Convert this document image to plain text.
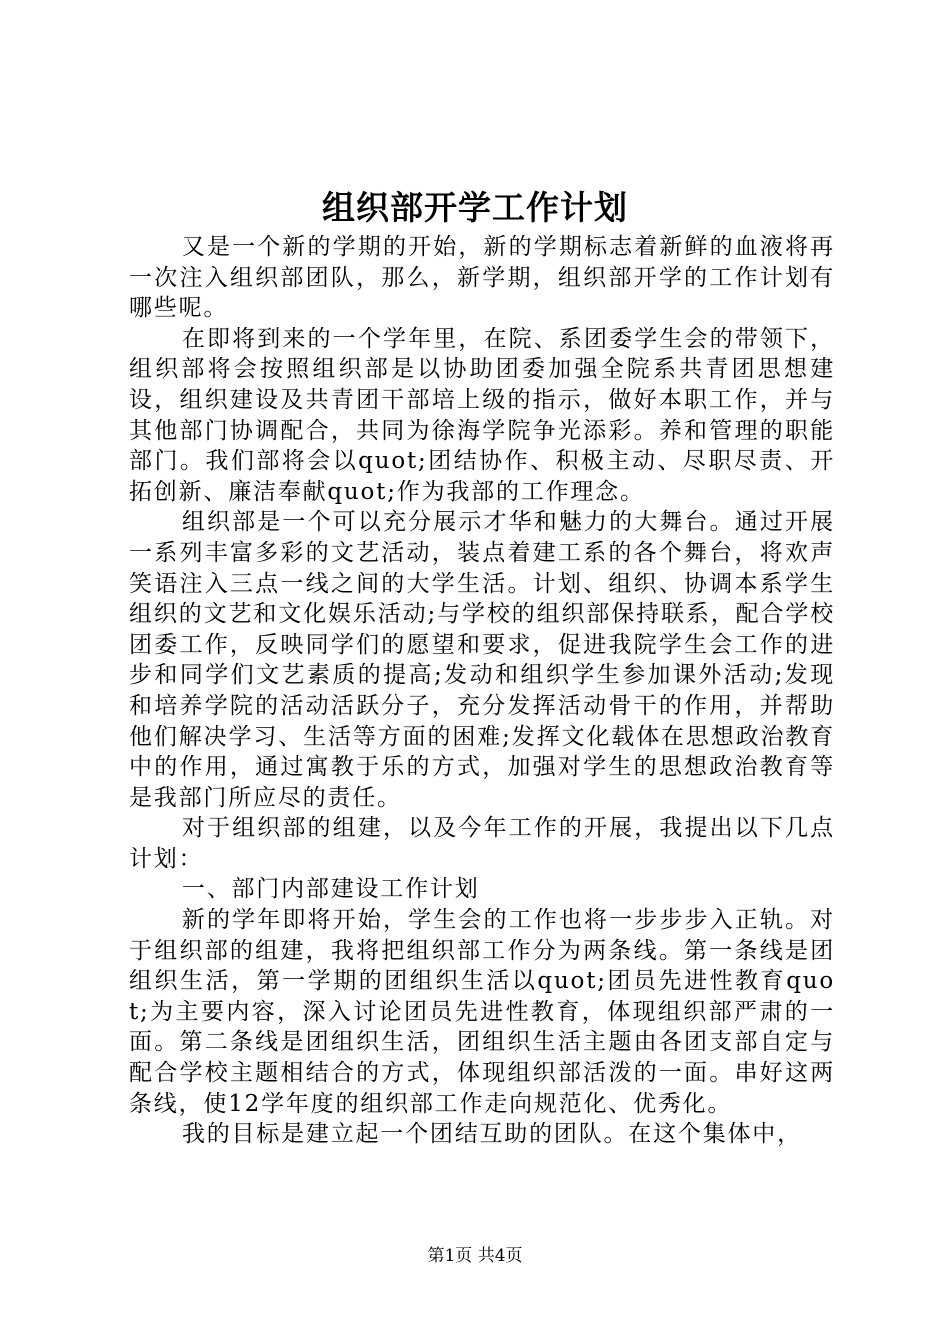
组织部开学工作计划

又是一个新的学期的开始，新的学期标志着新鲜的血液将再一次注入组织部团队，那么，新学期，组织部开学的工作计划有哪些呢。

在即将到来的一个学年里，在院、系团委学生会的带领下，组织部将会按照组织部是以协助团委加强全院系共青团思想建设，组织建设及共青团干部培上级的指示，做好本职工作，并与其他部门协调配合，共同为徐海学院争光添彩。养和管理的职能部门。我们部将会以quot;团结协作、积极主动、尽职尽责、开拓创新、廉洁奉献quot;作为我部的工作理念。

组织部是一个可以充分展示才华和魅力的大舞台。通过开展一系列丰富多彩的文艺活动，装点着建工系的各个舞台，将欢声笑语注入三点一线之间的大学生活。计划、组织、协调本系学生组织的文艺和文化娱乐活动;与学校的组织部保持联系，配合学校团委工作，反映同学们的愿望和要求，促进我院学生会工作的进步和同学们文艺素质的提高;发动和组织学生参加课外活动;发现和培养学院的活动活跃分子，充分发挥活动骨干的作用，并帮助他们解决学习、生活等方面的困难;发挥文化载体在思想政治教育中的作用，通过寓教于乐的方式，加强对学生的思想政治教育等是我部门所应尽的责任。

对于组织部的组建，以及今年工作的开展，我提出以下几点计划：

一、部门内部建设工作计划

新的学年即将开始，学生会的工作也将一步步步入正轨。对于组织部的组建，我将把组织部工作分为两条线。第一条线是团组织生活，第一学期的团组织生活以quot;团员先进性教育quot;为主要内容，深入讨论团员先进性教育，体现组织部严肃的一面。第二条线是团组织生活，团组织生活主题由各团支部自定与配合学校主题相结合的方式，体现组织部活泼的一面。串好这两条线，使12学年度的组织部工作走向规范化、优秀化。

我的目标是建立起一个团结互助的团队。在这个集体中，

第1页 共4页
